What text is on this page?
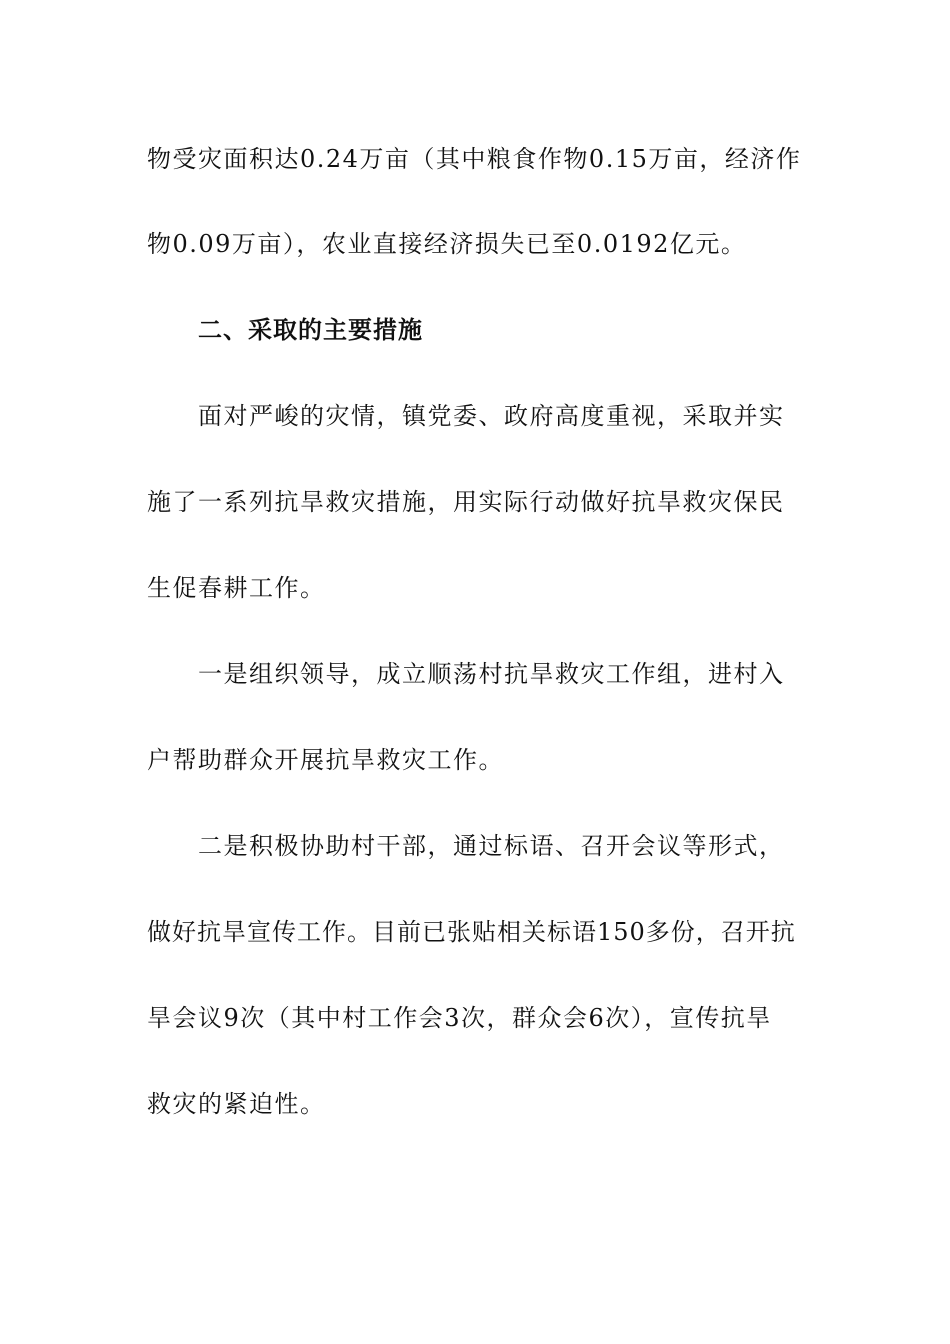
物受灾面积达0.24万亩（其中粮食作物0.15万亩，经济作
物0.09万亩），农业直接经济损失已至0.0192亿元。
二、采取的主要措施
面对严峻的灾情，镇党委、政府高度重视，采取并实
施了一系列抗旱救灾措施，用实际行动做好抗旱救灾保民
生促春耕工作。
一是组织领导，成立顺荡村抗旱救灾工作组，进村入
户帮助群众开展抗旱救灾工作。
二是积极协助村干部，通过标语、召开会议等形式，
做好抗旱宣传工作。目前已张贴相关标语150多份，召开抗
旱会议9次（其中村工作会3次，群众会6次），宣传抗旱
救灾的紧迫性。
